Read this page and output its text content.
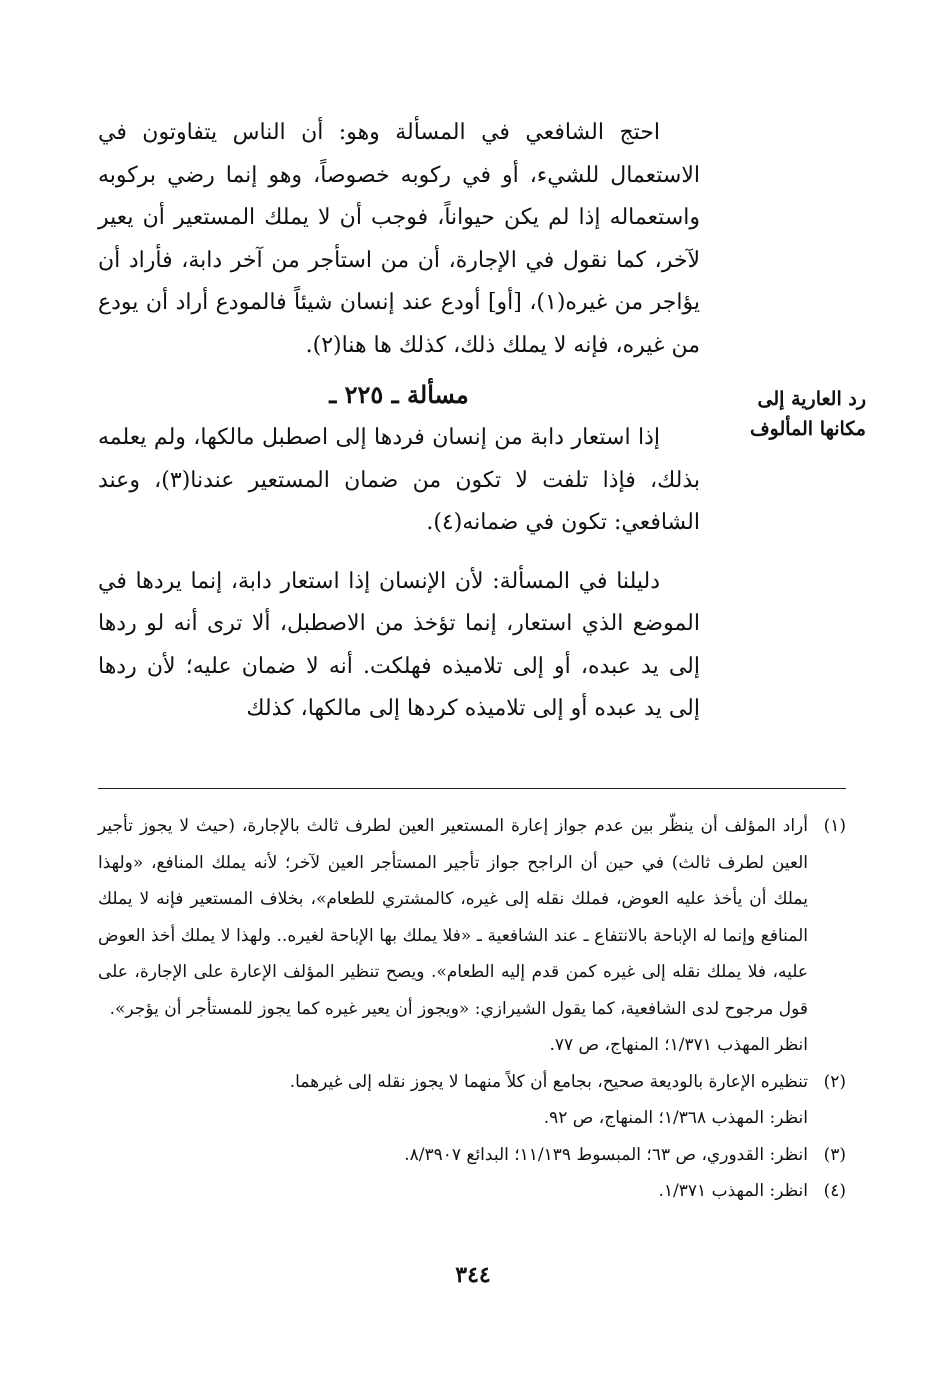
احتج الشافعي في المسألة وهو: أن الناس يتفاوتون في الاستعمال للشيء، أو في ركوبه خصوصاً، وهو إنما رضي بركوبه واستعماله إذا لم يكن حيواناً، فوجب أن لا يملك المستعير أن يعير لآخر، كما نقول في الإجارة، أن من استأجر من آخر دابة، فأراد أن يؤاجر من غيره(١)، [أو] أودع عند إنسان شيئاً فالمودع أراد أن يودع من غيره، فإنه لا يملك ذلك، كذلك ها هنا(٢).

مسألة ـ ٢٢٥ ـ

إذا استعار دابة من إنسان فردها إلى اصطبل مالكها، ولم يعلمه بذلك، فإذا تلفت لا تكون من ضمان المستعير عندنا(٣)، وعند الشافعي: تكون في ضمانه(٤).

دليلنا في المسألة: لأن الإنسان إذا استعار دابة، إنما يردها في الموضع الذي استعار، إنما تؤخذ من الاصطبل، ألا ترى أنه لو ردها إلى يد عبده، أو إلى تلاميذه فهلكت. أنه لا ضمان عليه؛ لأن ردها إلى يد عبده أو إلى تلاميذه كردها إلى مالكها، كذلك

رد العارية إلى مكانها المألوف
(١)

أراد المؤلف أن ينظّر بين عدم جواز إعارة المستعير العين لطرف ثالث بالإجارة، (حيث لا يجوز تأجير العين لطرف ثالث) في حين أن الراجح جواز تأجير المستأجر العين لآخر؛ لأنه يملك المنافع، «ولهذا يملك أن يأخذ عليه العوض، فملك نقله إلى غيره، كالمشتري للطعام»، بخلاف المستعير فإنه لا يملك المنافع وإنما له الإباحة بالانتفاع ـ عند الشافعية ـ «فلا يملك بها الإباحة لغيره.. ولهذا لا يملك أخذ العوض عليه، فلا يملك نقله إلى غيره كمن قدم إليه الطعام». ويصح تنظير المؤلف الإعارة على الإجارة، على قول مرجوح لدى الشافعية، كما يقول الشيرازي: «ويجوز أن يعير غيره كما يجوز للمستأجر أن يؤجر».

انظر المهذب ١/٣٧١؛ المنهاج، ص ٧٧.

(٢)

تنظيره الإعارة بالوديعة صحيح، بجامع أن كلاً منهما لا يجوز نقله إلى غيرهما.

انظر: المهذب ١/٣٦٨؛ المنهاج، ص ٩٢.

(٣)

انظر: القدوري، ص ٦٣؛ المبسوط ١١/١٣٩؛ البدائع ٨/٣٩٠٧.

(٤)

انظر: المهذب ١/٣٧١.

٣٤٤
